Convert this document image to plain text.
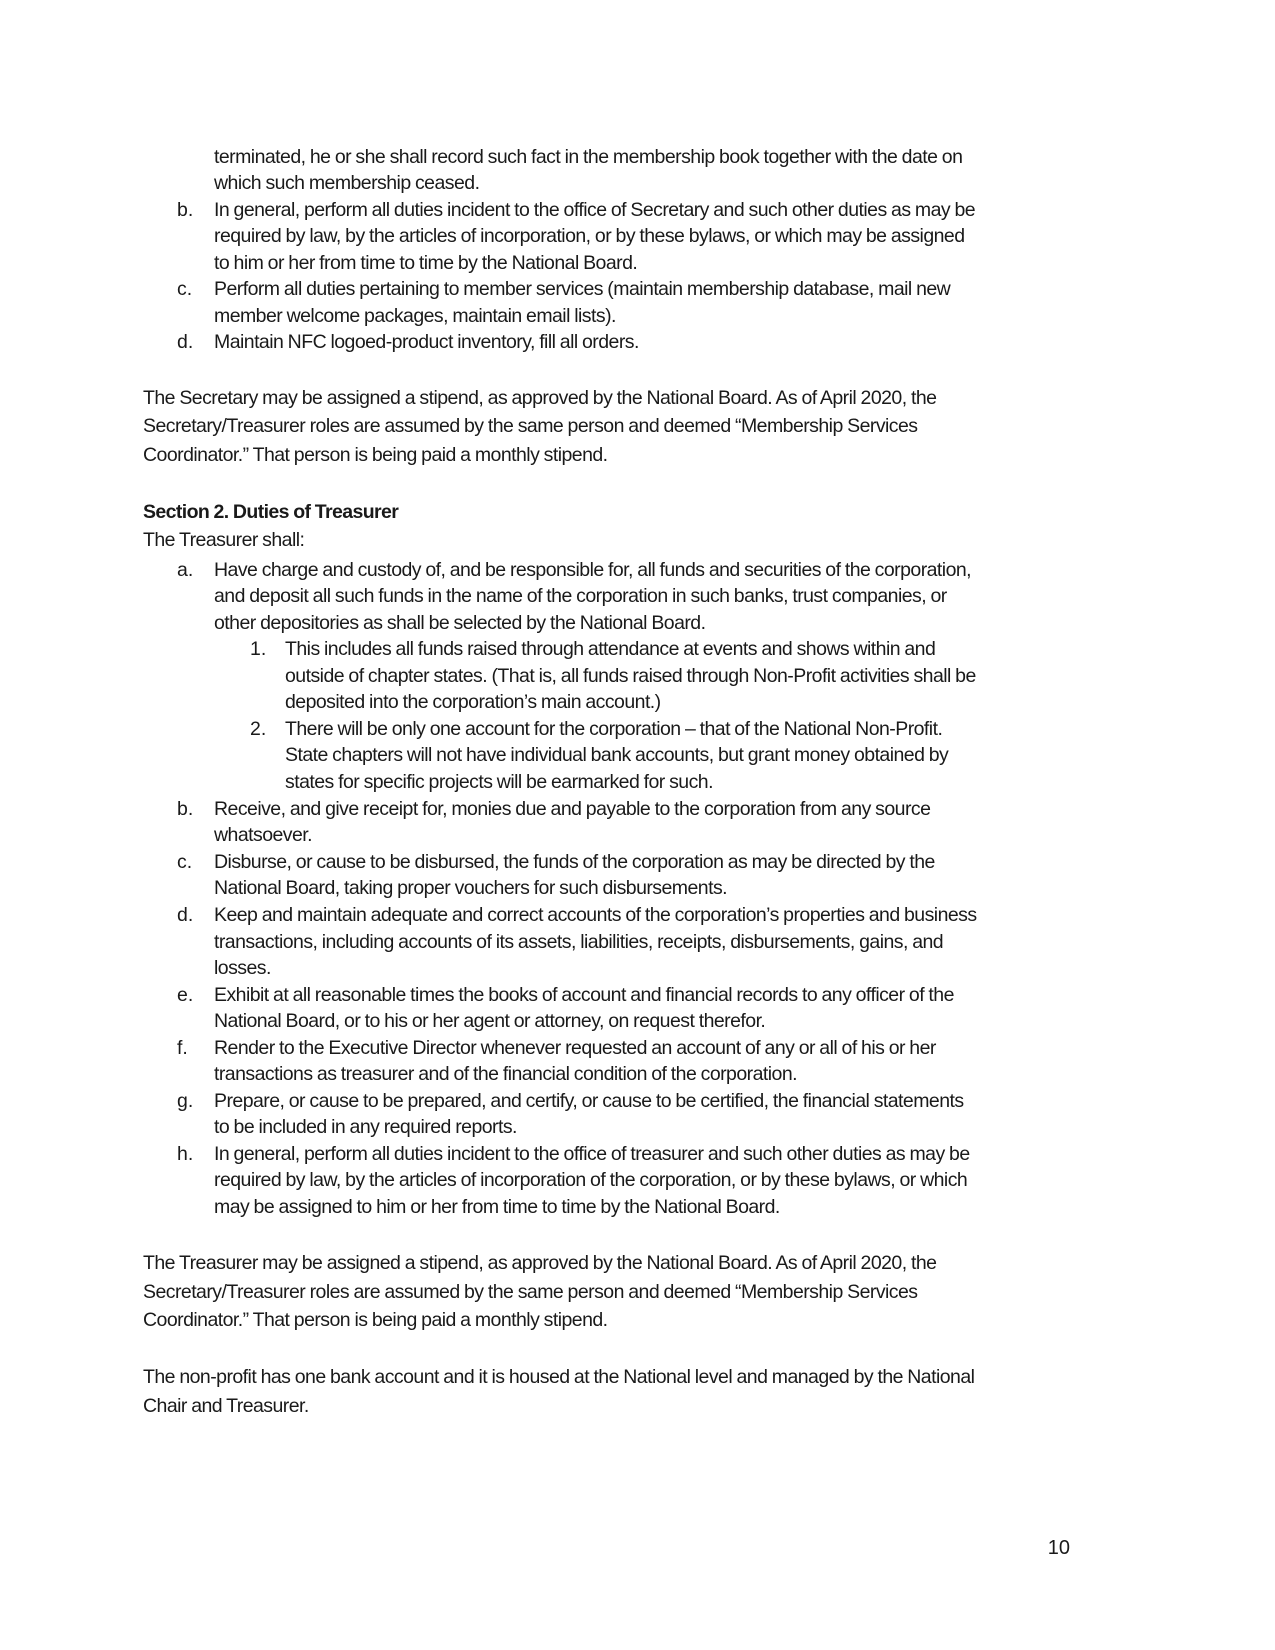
terminated, he or she shall record such fact in the membership book together with the date on
which such membership ceased.
b. In general, perform all duties incident to the office of Secretary and such other duties as may be
required by law, by the articles of incorporation, or by these bylaws, or which may be assigned
to him or her from time to time by the National Board.
c. Perform all duties pertaining to member services (maintain membership database, mail new
member welcome packages, maintain email lists).
d. Maintain NFC logoed-product inventory, fill all orders.
The Secretary may be assigned a stipend, as approved by the National Board. As of April 2020, the
Secretary/Treasurer roles are assumed by the same person and deemed “Membership Services
Coordinator.” That person is being paid a monthly stipend.
Section 2. Duties of Treasurer
The Treasurer shall:
a. Have charge and custody of, and be responsible for, all funds and securities of the corporation,
and deposit all such funds in the name of the corporation in such banks, trust companies, or
other depositories as shall be selected by the National Board.
1. This includes all funds raised through attendance at events and shows within and
outside of chapter states. (That is, all funds raised through Non-Profit activities shall be
deposited into the corporation’s main account.)
2. There will be only one account for the corporation – that of the National Non-Profit.
State chapters will not have individual bank accounts, but grant money obtained by
states for specific projects will be earmarked for such.
b. Receive, and give receipt for, monies due and payable to the corporation from any source
whatsoever.
c. Disburse, or cause to be disbursed, the funds of the corporation as may be directed by the
National Board, taking proper vouchers for such disbursements.
d. Keep and maintain adequate and correct accounts of the corporation’s properties and business
transactions, including accounts of its assets, liabilities, receipts, disbursements, gains, and
losses.
e. Exhibit at all reasonable times the books of account and financial records to any officer of the
National Board, or to his or her agent or attorney, on request therefor.
f. Render to the Executive Director whenever requested an account of any or all of his or her
transactions as treasurer and of the financial condition of the corporation.
g. Prepare, or cause to be prepared, and certify, or cause to be certified, the financial statements
to be included in any required reports.
h. In general, perform all duties incident to the office of treasurer and such other duties as may be
required by law, by the articles of incorporation of the corporation, or by these bylaws, or which
may be assigned to him or her from time to time by the National Board.
The Treasurer may be assigned a stipend, as approved by the National Board. As of April 2020, the
Secretary/Treasurer roles are assumed by the same person and deemed “Membership Services
Coordinator.” That person is being paid a monthly stipend.
The non-profit has one bank account and it is housed at the National level and managed by the National
Chair and Treasurer.
10
